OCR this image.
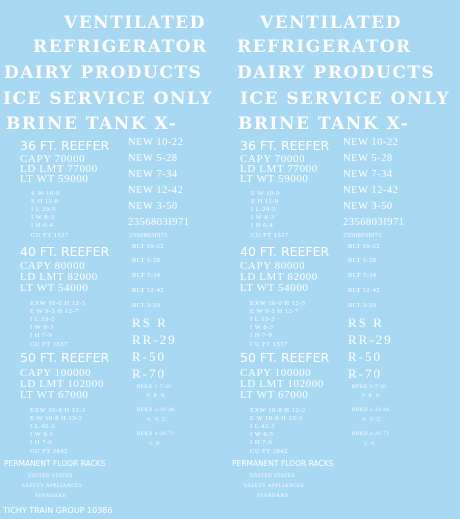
VENTILATED
REFRIGERATOR
DAIRY PRODUCTS
ICE SERVICE ONLY
BRINE TANK X-
36 FT. REEFER
CAPY 70000
LD LMT 77000
LT WT 59000
E W 10-0
E H 11-8
I L 29-5
I W 8-3
I H 6-4
CU FT 1537
40 FT. REEFER
CAPY 80000
LD LMT 82000
LT WT 54000
EXW 10-0 H 12-5
E W 9-5 H 12-7
I L 33-2
I W 8-3
I H 7-9
CU FT 1537
50 FT. REEFER
CAPY 100000
LD LMT 102000
LT WT 67000
EXW 10-8 H 12-2
E W 10-8 H 13-3
I L 42-2
I W 8-5
I H 7-6
CU FT 2842
NEW 10-22
NEW 5-28
NEW 7-34
NEW 12-42
NEW 3-50
2356803I971
2356803I971
BLT 10-22
BLT 5-28
BLT 7-34
BLT 12-42
BLT 3-50
RS R
RR-29
R-50
R-70
RPKD 1-7-30
P. R. R.
RPKD 3-19-48
N. Y. C.
RPKD 4-26-71
S. P.
PERMANENT FLOOR RACKS
UNITED STATES
SAFETY APPLIANCES
STANDARD
TICHY TRAIN GROUP 10386
VENTILATED
REFRIGERATOR
DAIRY PRODUCTS
ICE SERVICE ONLY
BRINE TANK X-
36 FT. REEFER
CAPY 70000
LD LMT 77000
LT WT 59000
E W 10-0
E H 11-8
I L 29-5
I W 8-3
I H 6-4
CU FT 1537
40 FT. REEFER
CAPY 80000
LD LMT 82000
LT WT 54000
EXW 10-0 H 12-5
E W 9-5 H 12-7
I L 33-2
I W 8-3
I H 7-9
CU FT 1537
50 FT. REEFER
CAPY 100000
LD LMT 102000
LT WT 67000
EXW 10-8 H 12-2
E W 10-8 H 13-3
I L 42-2
I W 8-5
I H 7-6
CU FT 2842
NEW 10-22
NEW 5-28
NEW 7-34
NEW 12-42
NEW 3-50
2356803I971
2356803I971
BLT 10-22
BLT 5-28
BLT 7-34
BLT 12-42
BLT 3-50
RS R
RR-29
R-50
R-70
RPKD 1-7-30
P. R. R.
RPKD 3-19-48
N. Y. C.
RPKD 4-26-71
S. P.
PERMANENT FLOOR RACKS
UNITED STATES
SAFETY APPLIANCES
STANDARD
